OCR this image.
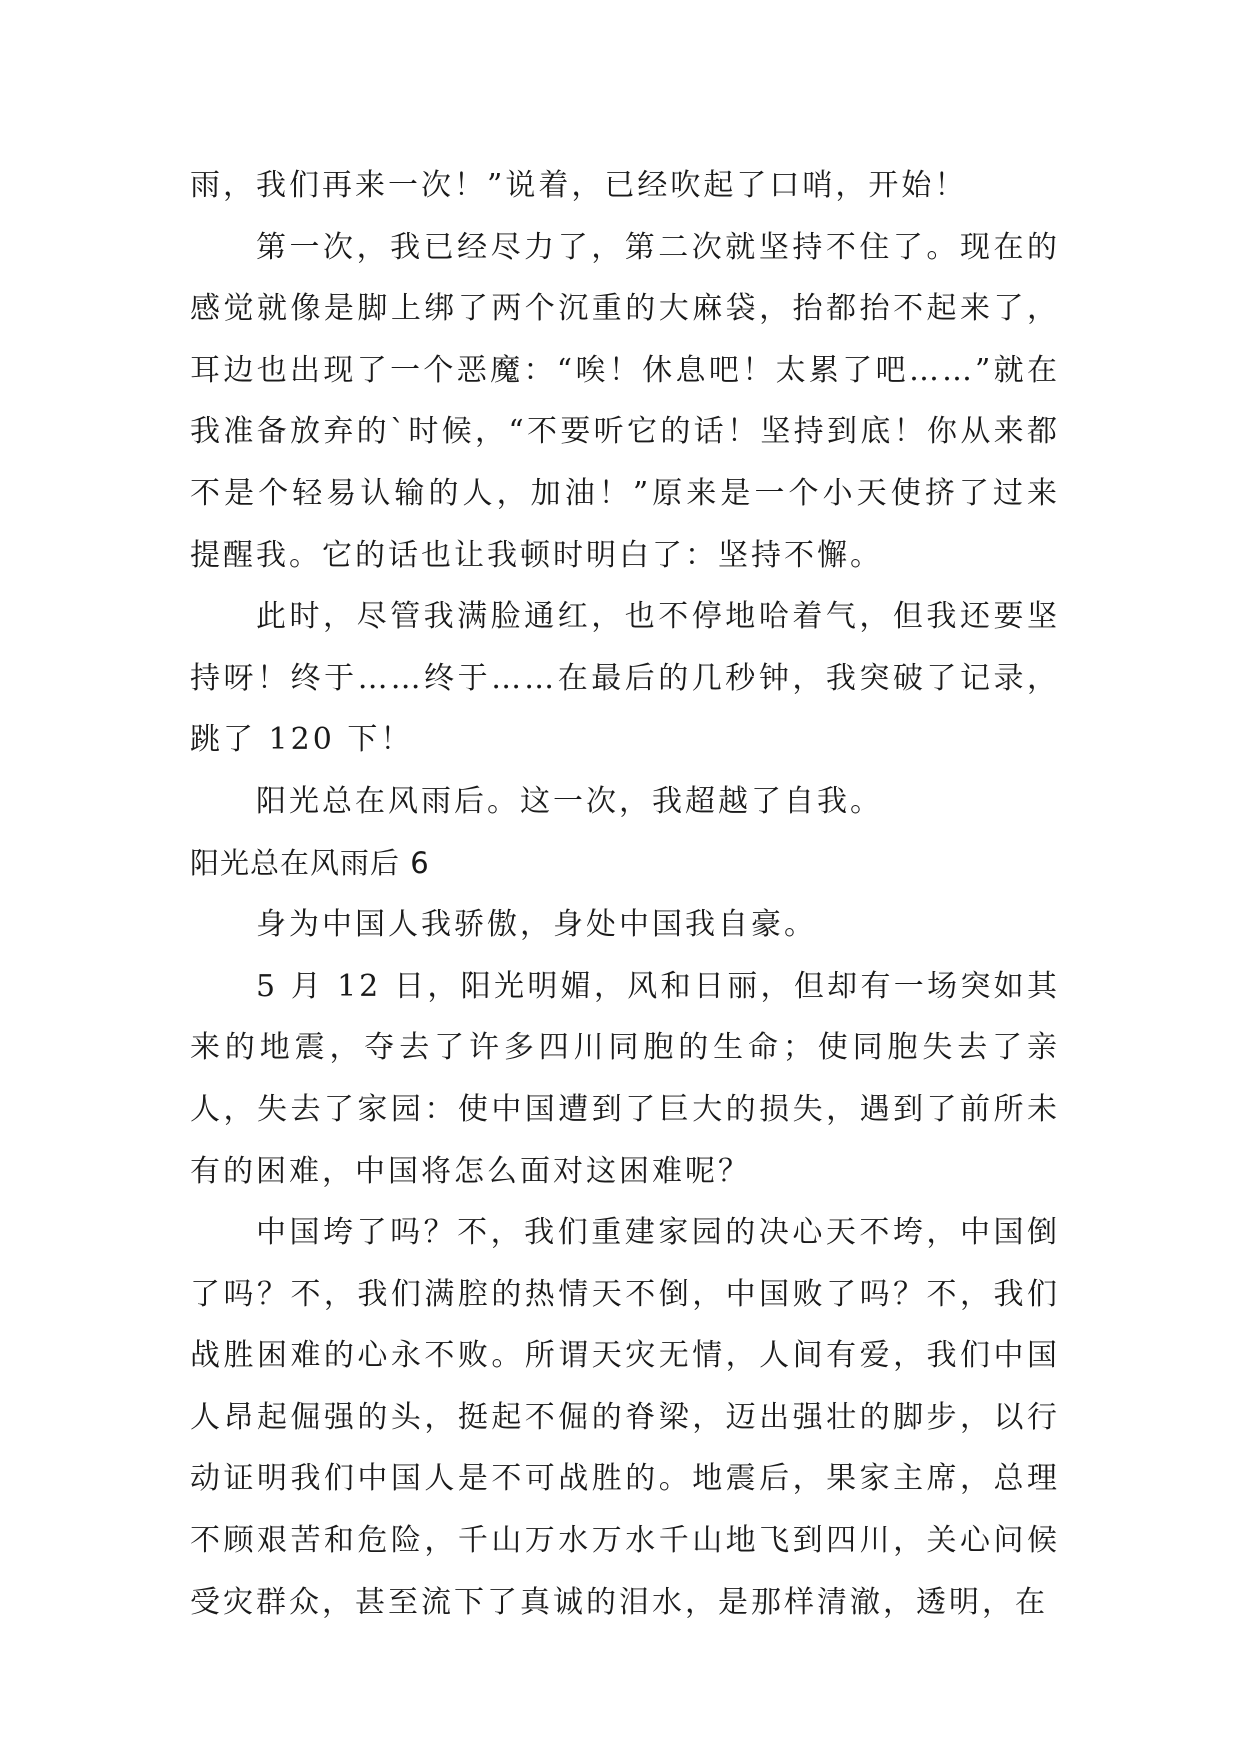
雨，我们再来一次！”说着，已经吹起了口哨，开始！

第一次，我已经尽力了，第二次就坚持不住了。现在的感觉就像是脚上绑了两个沉重的大麻袋，抬都抬不起来了，耳边也出现了一个恶魔：“唉！休息吧！太累了吧……”就在我准备放弃的`时候，“不要听它的话！坚持到底！你从来都不是个轻易认输的人，加油！”原来是一个小天使挤了过来提醒我。它的话也让我顿时明白了：坚持不懈。

此时，尽管我满脸通红，也不停地哈着气，但我还要坚持呀！终于……终于……在最后的几秒钟，我突破了记录，跳了 120 下！

阳光总在风雨后。这一次，我超越了自我。

阳光总在风雨后 6

身为中国人我骄傲，身处中国我自豪。

5 月 12 日，阳光明媚，风和日丽，但却有一场突如其来的地震，夺去了许多四川同胞的生命；使同胞失去了亲人，失去了家园：使中国遭到了巨大的损失，遇到了前所未有的困难，中国将怎么面对这困难呢？

中国垮了吗？不，我们重建家园的决心天不垮，中国倒了吗？不，我们满腔的热情天不倒，中国败了吗？不，我们战胜困难的心永不败。所谓天灾无情，人间有爱，我们中国人昂起倔强的头，挺起不倔的脊梁，迈出强壮的脚步，以行动证明我们中国人是不可战胜的。地震后，果家主席，总理不顾艰苦和危险，千山万水万水千山地飞到四川，关心问候受灾群众，甚至流下了真诚的泪水，是那样清澈，透明，在
